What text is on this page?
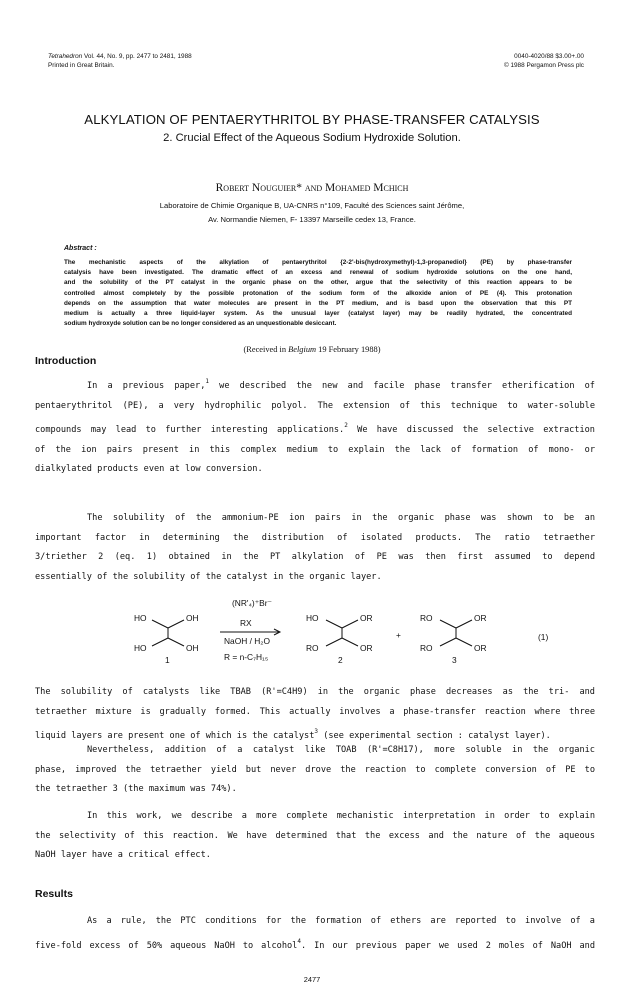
Tetrahedron Vol. 44, No. 9, pp. 2477 to 2481, 1988
Printed in Great Britain.
0040-4020/88 $3.00+.00
© 1988 Pergamon Press plc
ALKYLATION OF PENTAERYTHRITOL BY PHASE-TRANSFER CATALYSIS
2. Crucial Effect of the Aqueous Sodium Hydroxide Solution.
Robert Nouguier* and Mohamed Mchich
Laboratoire de Chimie Organique B, UA-CNRS n°109, Faculté des Sciences saint Jérôme,
Av. Normandie Niemen, F- 13397 Marseille cedex 13, France.
Abstract :
The mechanistic aspects of the alkylation of pentaerythritol {2-2'-bis(hydroxymethyl)-1,3-propanediol} (PE) by phase-transfer
catalysis have been investigated. The dramatic effect of an excess and renewal of sodium hydroxide solutions on the one hand,
and the solubility of the PT catalyst in the organic phase on the other, argue that the selectivity of this reaction appears to be
controlled almost completely by the possible protonation of the sodium form of the alkoxide anion of PE (4). This protonation
depends on the assumption that water molecules are present in the PT medium, and is basd upon the observation that this PT
medium is actually a three liquid-layer system. As the unusual layer (catalyst layer) may be readily hydrated, the concentrated
sodium hydroxyde solution can be no longer considered as an unquestionable desiccant.
(Received in Belgium 19 February 1988)
Introduction
In a previous paper,$^1$ we described the new and facile phase transfer etherification of
pentaerythritol (PE), a very hydrophilic polyol. The extension of this technique to water-soluble
compounds may lead to further interesting applications.$^2$ We have discussed the selective extraction
of the ion pairs present in this complex medium to explain the lack of formation of mono- or
dialkylated products even at low conversion.
The solubility of the ammonium-PE ion pairs in the organic phase was shown to be an
important factor in determining the distribution of isolated products. The ratio tetraether
3/triether 2 (eq. 1) obtained in the PT alkylation of PE was then first assumed to depend
essentially of the solubility of the catalyst in the organic layer.
HO	OH
HO	OH
1
(NR'₄)⁺Br⁻
RX
NaOH / H₂O
R = n-C₇H₁₅
HO	OR
RO	OR
2
+
RO	OR
RO	OR
3
(1)
The solubility of catalysts like TBAB (R'=C4H9) in the organic phase decreases as the tri- and
tetraether mixture is gradually formed. This actually involves a phase-transfer reaction where three
liquid layers are present one of which is the catalyst$^3$ (see experimental section : catalyst layer).
Nevertheless, addition of a catalyst like TOAB (R'=C8H17), more soluble in the organic
phase, improved the tetraether yield but never drove the reaction to complete conversion of PE to
the tetraether 3 (the maximum was 74%).
Results
2477
In this work, we describe a more complete mechanistic interpretation in order to explain
the selectivity of this reaction. We have determined that the excess and the nature of the aqueous
NaOH layer have a critical effect.
As a rule, the PTC conditions for the formation of ethers are reported to involve of a
five-fold excess of 50% aqueous NaOH to alcohol$^4$. In our previous paper we used 2 moles of NaOH and
